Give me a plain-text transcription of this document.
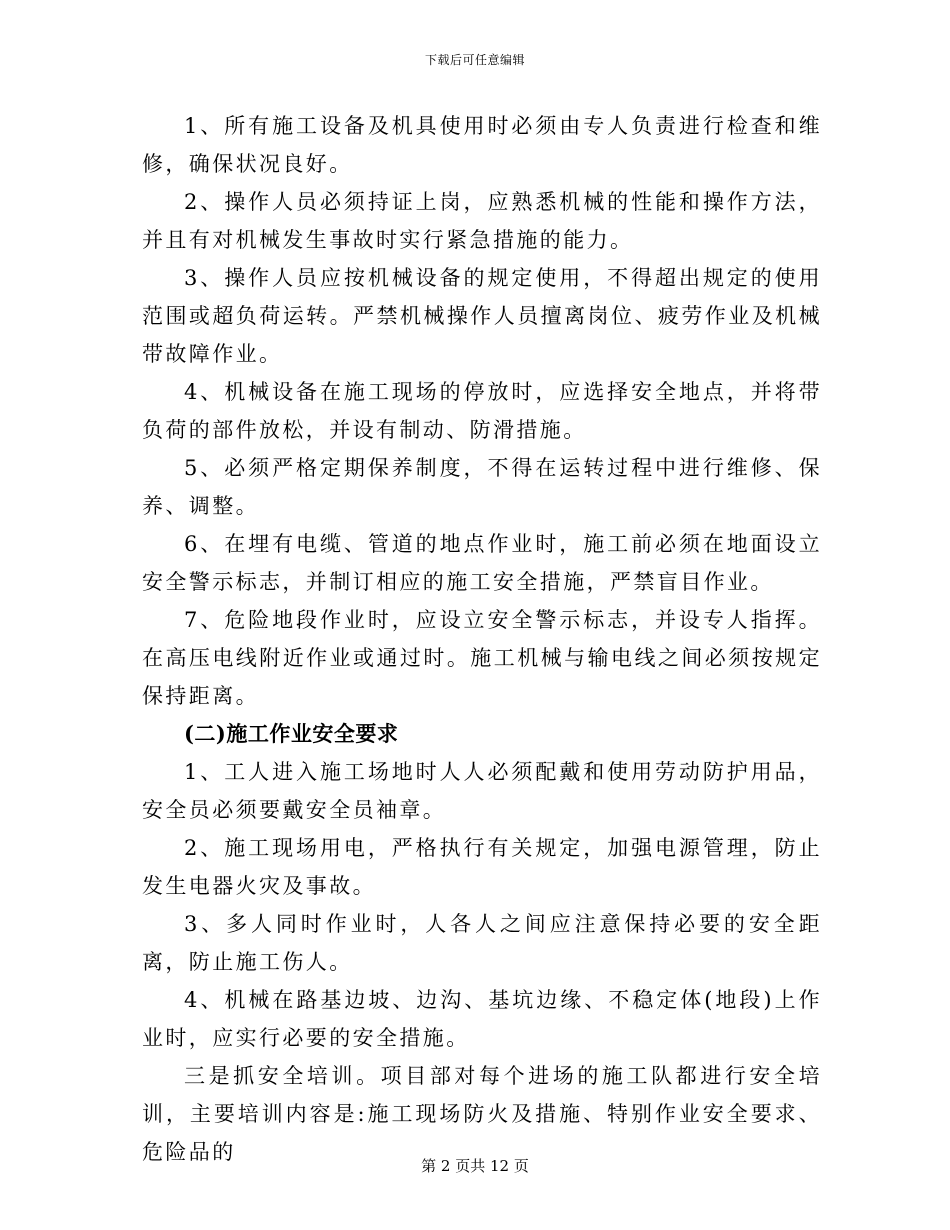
下载后可任意编辑

1、所有施工设备及机具使用时必须由专人负责进行检查和维修，确保状况良好。

2、操作人员必须持证上岗，应熟悉机械的性能和操作方法，并且有对机械发生事故时实行紧急措施的能力。

3、操作人员应按机械设备的规定使用，不得超出规定的使用范围或超负荷运转。严禁机械操作人员擅离岗位、疲劳作业及机械带故障作业。

4、机械设备在施工现场的停放时，应选择安全地点，并将带负荷的部件放松，并设有制动、防滑措施。

5、必须严格定期保养制度，不得在运转过程中进行维修、保养、调整。

6、在埋有电缆、管道的地点作业时，施工前必须在地面设立安全警示标志，并制订相应的施工安全措施，严禁盲目作业。

7、危险地段作业时，应设立安全警示标志，并设专人指挥。在高压电线附近作业或通过时。施工机械与输电线之间必须按规定保持距离。

(二)施工作业安全要求

1、工人进入施工场地时人人必须配戴和使用劳动防护用品，安全员必须要戴安全员袖章。

2、施工现场用电，严格执行有关规定，加强电源管理，防止发生电器火灾及事故。

3、多人同时作业时，人各人之间应注意保持必要的安全距离，防止施工伤人。

4、机械在路基边坡、边沟、基坑边缘、不稳定体(地段)上作业时，应实行必要的安全措施。

三是抓安全培训。项目部对每个进场的施工队都进行安全培训，主要培训内容是:施工现场防火及措施、特别作业安全要求、危险品的

第 2 页共 12 页
